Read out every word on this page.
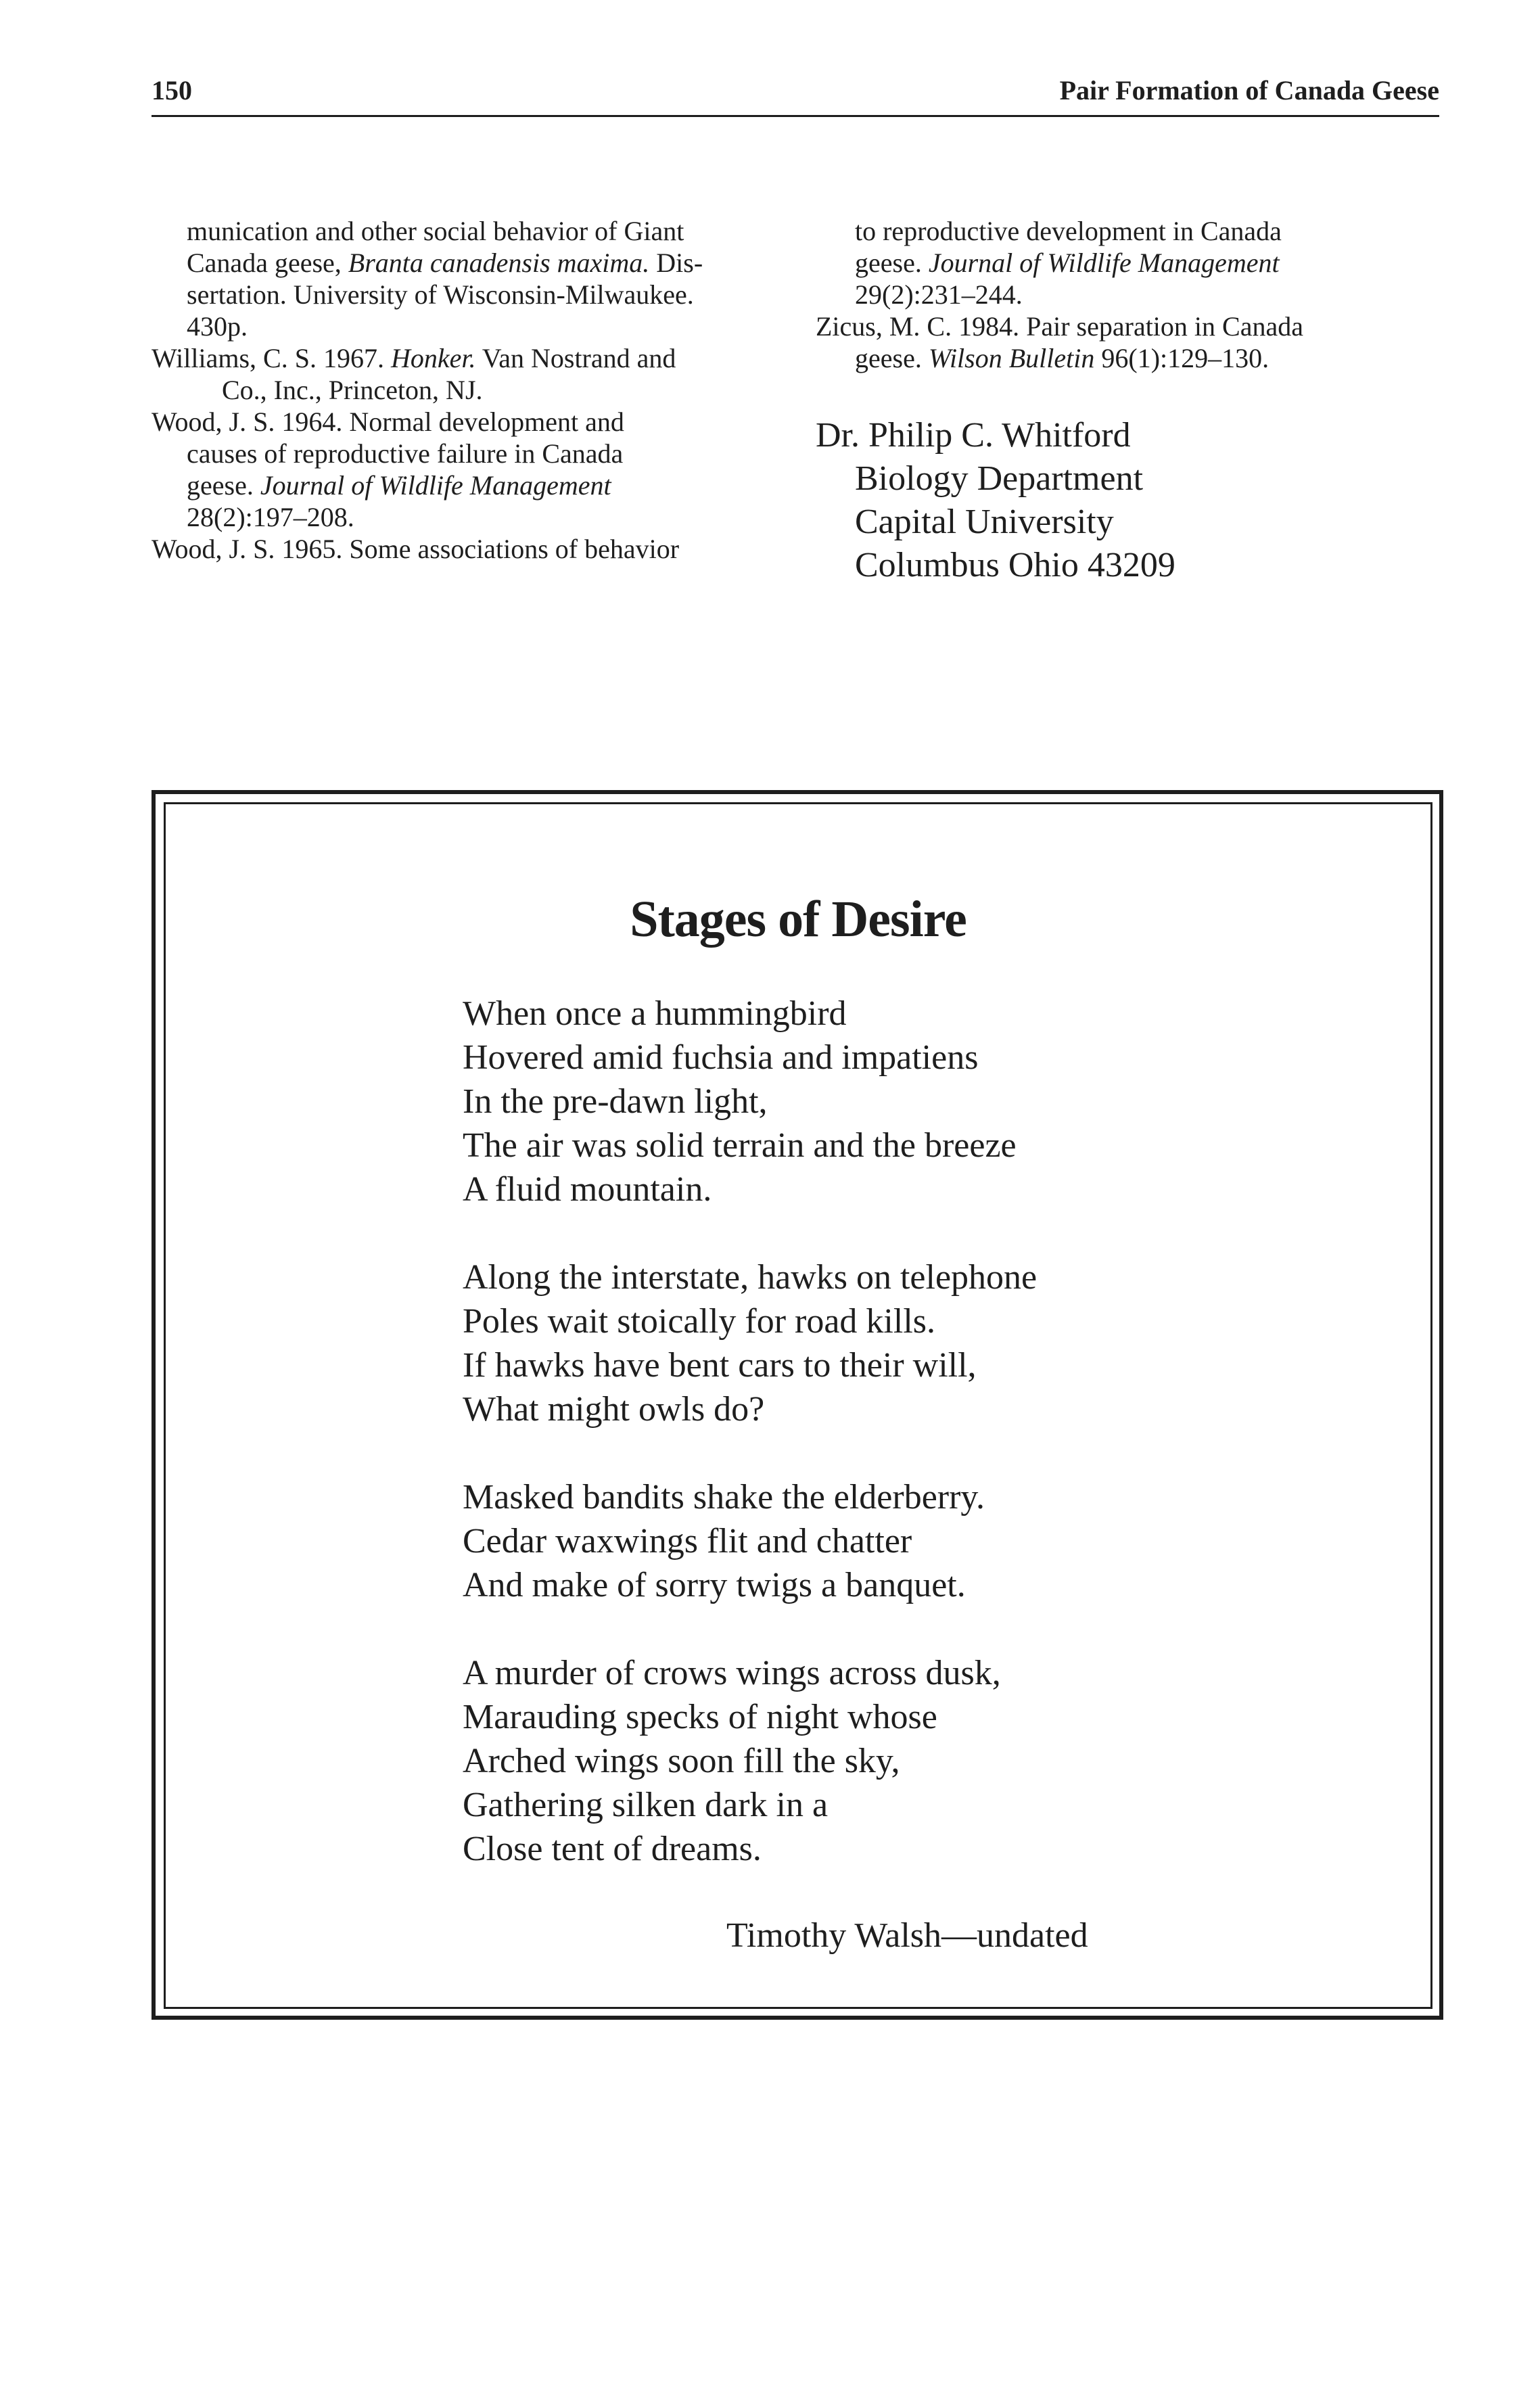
150	Pair Formation of Canada Geese
munication and other social behavior of Giant
Canada geese, Branta canadensis maxima. Dis-
sertation. University of Wisconsin-Milwaukee.
430p.
Williams, C. S. 1967. Honker. Van Nostrand and
Co., Inc., Princeton, NJ.
Wood, J. S. 1964. Normal development and
causes of reproductive failure in Canada
geese. Journal of Wildlife Management
28(2):197–208.
Wood, J. S. 1965. Some associations of behavior
to reproductive development in Canada
geese. Journal of Wildlife Management
29(2):231–244.
Zicus, M. C. 1984. Pair separation in Canada
geese. Wilson Bulletin 96(1):129–130.
Dr. Philip C. Whitford
Biology Department
Capital University
Columbus Ohio 43209
Stages of Desire
When once a hummingbird
Hovered amid fuchsia and impatiens
In the pre-dawn light,
The air was solid terrain and the breeze
A fluid mountain.
Along the interstate, hawks on telephone
Poles wait stoically for road kills.
If hawks have bent cars to their will,
What might owls do?
Masked bandits shake the elderberry.
Cedar waxwings flit and chatter
And make of sorry twigs a banquet.
A murder of crows wings across dusk,
Marauding specks of night whose
Arched wings soon fill the sky,
Gathering silken dark in a
Close tent of dreams.
Timothy Walsh—undated
